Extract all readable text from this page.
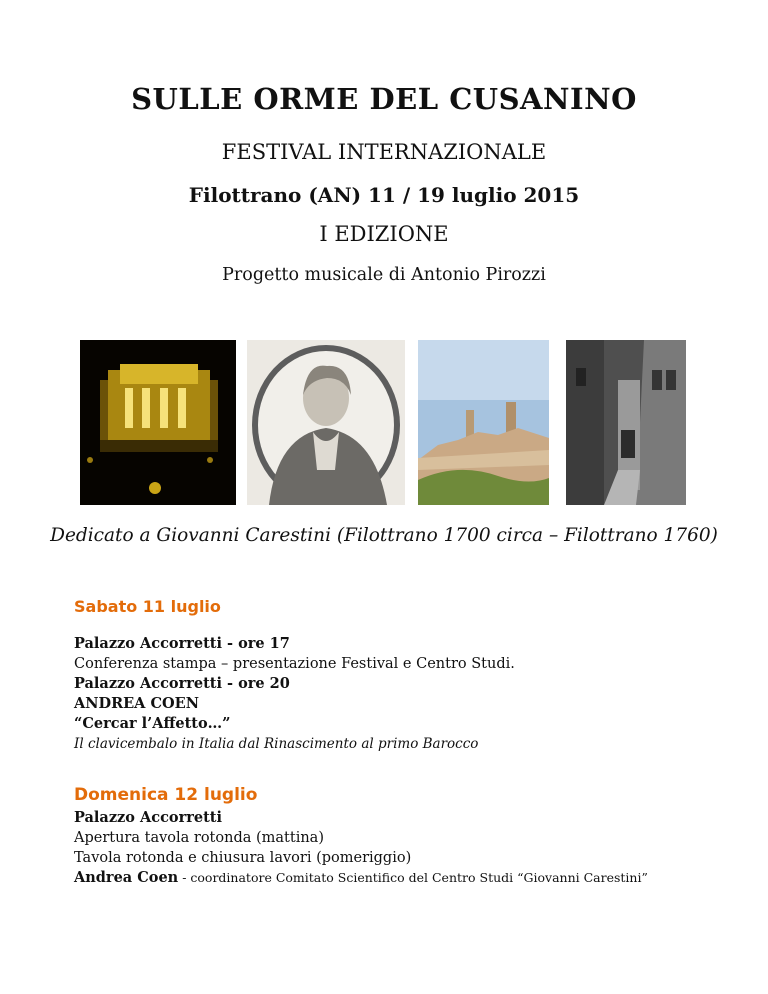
SULLE ORME DEL CUSANINO
FESTIVAL INTERNAZIONALE
Filottrano (AN) 11 / 19 luglio 2015
I EDIZIONE
Progetto musicale di Antonio Pirozzi
Dedicato a Giovanni Carestini (Filottrano 1700 circa – Filottrano 1760)
Sabato 11 luglio
Palazzo Accorretti - ore 17
Conferenza stampa – presentazione Festival e Centro Studi.
Palazzo Accorretti - ore 20
ANDREA COEN
“Cercar l’Affetto…”
Il clavicembalo in Italia dal Rinascimento al primo Barocco
Domenica 12 luglio
Palazzo Accorretti
Apertura tavola rotonda (mattina)
Tavola rotonda e chiusura lavori (pomeriggio)
Andrea Coen - coordinatore Comitato Scientifico del Centro Studi “Giovanni Carestini”
